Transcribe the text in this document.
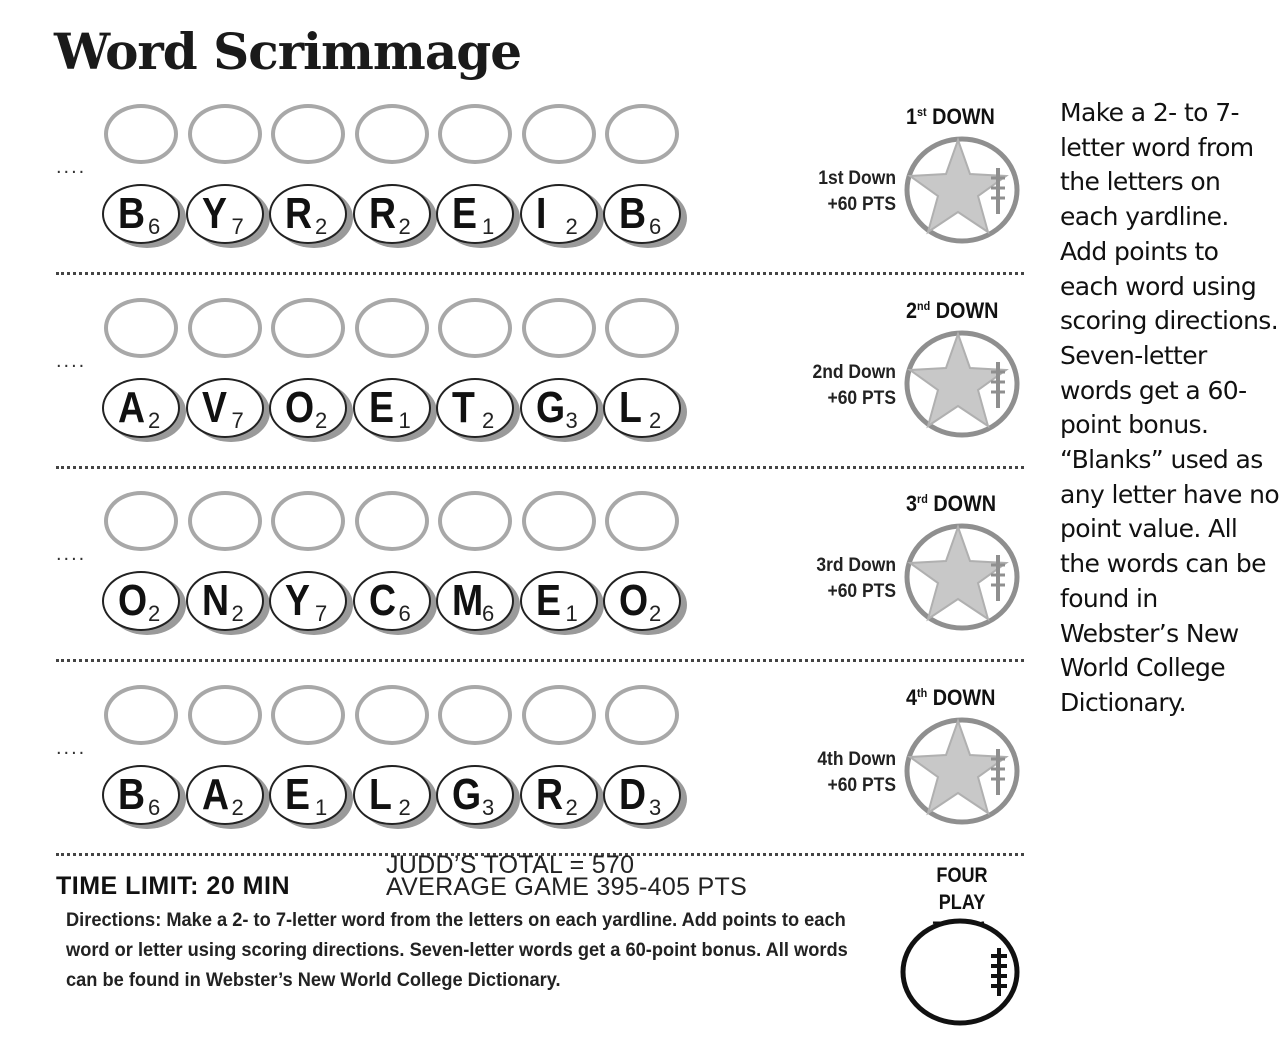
Word Scrimmage
....
B 6 Y 7 R 2 R 2 E 1 I 2 B 6
1st DOWN
1st Down
+60 PTS
....
A 2 V 7 O 2 E 1 T 2 G 3 L 2
2nd DOWN
2nd Down
+60 PTS
....
O 2 N 2 Y 7 C 6 M
6 E 1 O 2
3rd DOWN
3rd Down
+60 PTS
....
B 6 A 2 E 1 L 2 G 3 R 2 D 3
4th DOWN
4th Down
+60 PTS
Make a 2- to 7-letter word from the letters on each yardline. Add points to each word using scoring directions. Seven-letter words get a 60-point bonus. “Blanks” used as any letter have no point value. All the words can be found in Webster’s New World College Dictionary.
TIME LIMIT: 20 MIN
JUDD’S TOTAL = 570
AVERAGE GAME 395-405 PTS
Directions: Make a 2- to 7-letter word from the letters on each yardline. Add points to each word or letter using scoring directions. Seven-letter words get a 60-point bonus. All words can be found in Webster’s New World College Dictionary.
FOUR PLAY
